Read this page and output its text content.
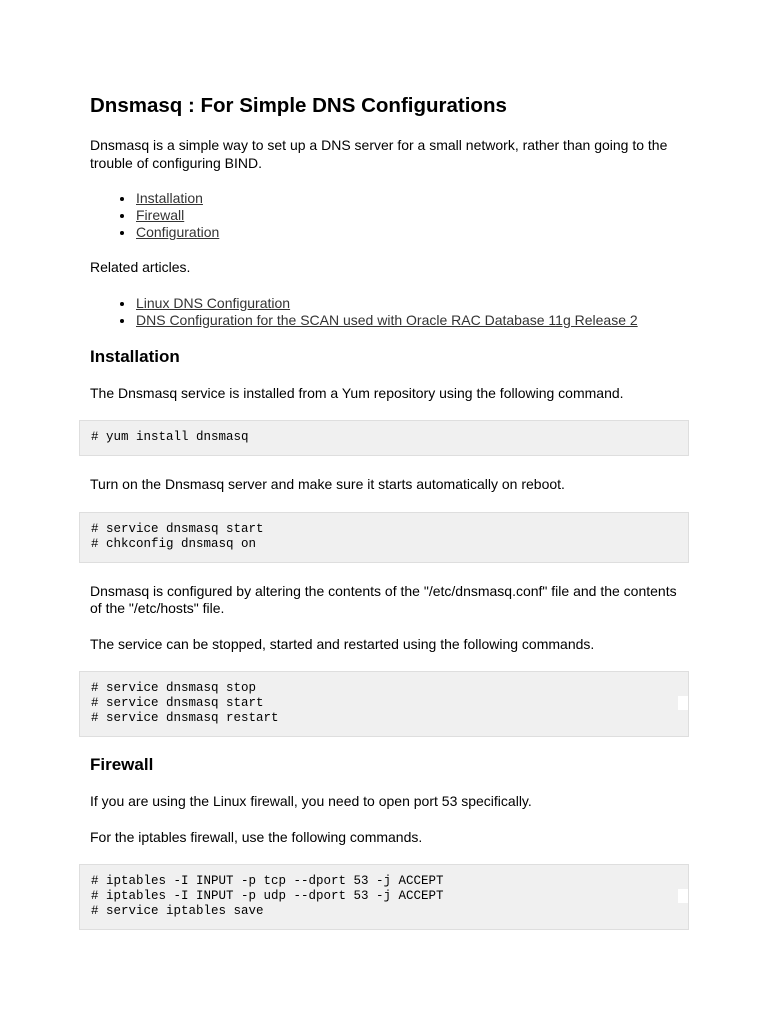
Dnsmasq : For Simple DNS Configurations

Dnsmasq is a simple way to set up a DNS server for a small network, rather than going to the trouble of configuring BIND.

• Installation
• Firewall
• Configuration

Related articles.

• Linux DNS Configuration
• DNS Configuration for the SCAN used with Oracle RAC Database 11g Release 2
Installation

The Dnsmasq service is installed from a Yum repository using the following command.

# yum install dnsmasq

Turn on the Dnsmasq server and make sure it starts automatically on reboot.

# service dnsmasq start
# chkconfig dnsmasq on

Dnsmasq is configured by altering the contents of the "/etc/dnsmasq.conf" file and the contents of the "/etc/hosts" file.

The service can be stopped, started and restarted using the following commands.

# service dnsmasq stop
# service dnsmasq start
# service dnsmasq restart
Firewall

If you are using the Linux firewall, you need to open port 53 specifically.

For the iptables firewall, use the following commands.

# iptables -I INPUT -p tcp --dport 53 -j ACCEPT
# iptables -I INPUT -p udp --dport 53 -j ACCEPT
# service iptables save
